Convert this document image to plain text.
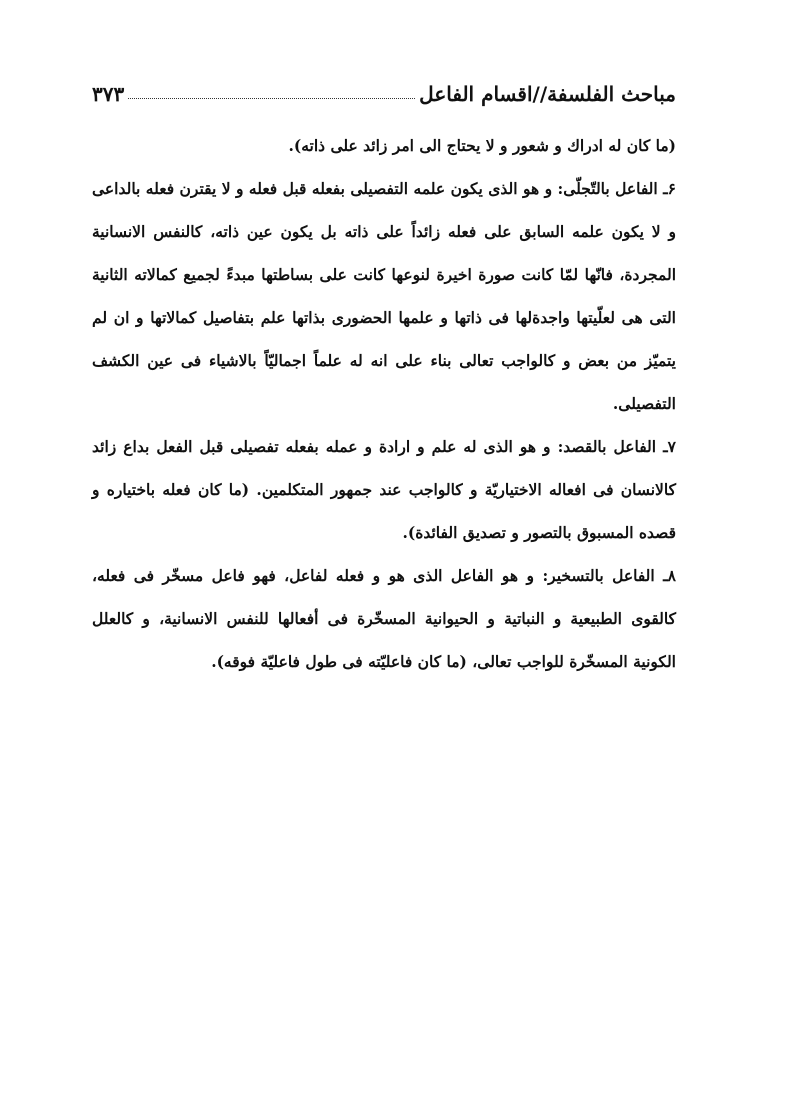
مباحث الفلسفة//اقسام الفاعل
۳۷۳

(ما كان له ادراك و شعور و لا يحتاج الى امر زائد على ذاته).

۶ـ الفاعل بالتّجلّى: و هو الذى يكون علمه التفصيلى بفعله قبل فعله و لا يقترن فعله بالداعى و لا يكون علمه السابق على فعله زائداً على ذاته بل يكون عين ذاته، كالنفس الانسانية المجردة، فانّها لمّا كانت صورة اخيرة لنوعها كانت على بساطتها مبدءً لجميع كمالاته الثانية التى هى لعلّيتها واجدةلها فى ذاتها و علمها الحضورى بذاتها علم بتفاصيل كمالاتها و ان لم يتميّز من بعض و كالواجب تعالى بناء على انه له علماً اجماليّاً بالاشياء فى عين الكشف التفصيلى.

۷ـ الفاعل بالقصد: و هو الذى له علم و ارادة و عمله بفعله تفصيلى قبل الفعل بداع زائد كالانسان فى افعاله الاختياريّة و كالواجب عند جمهور المتكلمين. (ما كان فعله باختياره و قصده المسبوق بالتصور و تصديق الفائدة).

۸ـ الفاعل بالتسخير: و هو الفاعل الذى هو و فعله لفاعل، فهو فاعل مسخّر فى فعله، كالقوى الطبيعية و النباتية و الحيوانية المسخّرة فى أفعالها للنفس الانسانية، و كالعلل الكونية المسخّرة للواجب تعالى، (ما كان فاعليّته فى طول فاعليّة فوقه).
